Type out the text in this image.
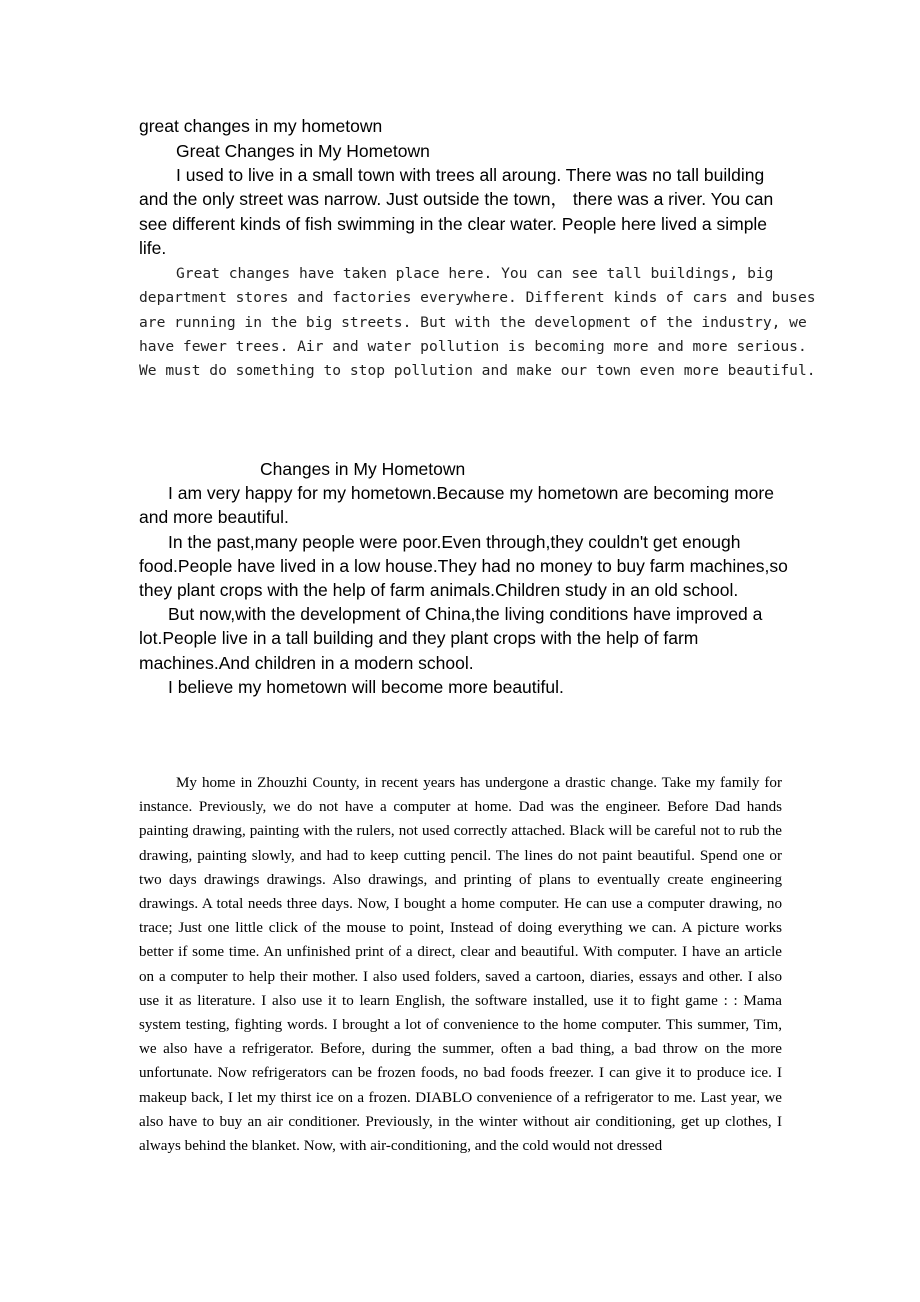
great changes in my hometown
Great Changes in My Hometown

I used to live in a small town with trees all aroung. There was no tall building and the only street was narrow. Just outside the town， there was a river. You can see different kinds of fish swimming in the clear water. People here lived a simple life.

Great changes have taken place here. You can see tall buildings, big department stores and factories everywhere. Different kinds of cars and buses are running in the big streets. But with the development of the industry, we have fewer trees. Air and water pollution is becoming more and more serious. We must do something to stop pollution and make our town even more beautiful.

Changes in My Hometown

I am very happy for my hometown.Because my hometown are becoming more and more beautiful.

In the past,many people were poor.Even through,they couldn't get enough food.People have lived in a low house.They had no money to buy farm machines,so they plant crops with the help of farm animals.Children study in an old school.

But now,with the development of China,the living conditions have improved a lot.People live in a tall building and they plant crops with the help of farm machines.And children in a modern school.

I believe my hometown will become more beautiful.

My home in Zhouzhi County, in recent years has undergone a drastic change. Take my family for instance. Previously, we do not have a computer at home. Dad was the engineer. Before Dad hands painting drawing, painting with the rulers, not used correctly attached. Black will be careful not to rub the drawing, painting slowly, and had to keep cutting pencil. The lines do not paint beautiful. Spend one or two days drawings drawings. Also drawings, and printing of plans to eventually create engineering drawings. A total needs three days. Now, I bought a home computer. He can use a computer drawing, no trace; Just one little click of the mouse to point, Instead of doing everything we can. A picture works better if some time. An unfinished print of a direct, clear and beautiful. With computer. I have an article on a computer to help their mother. I also used folders, saved a cartoon, diaries, essays and other. I also use it as literature. I also use it to learn English, the software installed, use it to fight game : : Mama system testing, fighting words. I brought a lot of convenience to the home computer. This summer, Tim, we also have a refrigerator. Before, during the summer, often a bad thing, a bad throw on the more unfortunate. Now refrigerators can be frozen foods, no bad foods freezer. I can give it to produce ice. I makeup back, I let my thirst ice on a frozen. DIABLO convenience of a refrigerator to me. Last year, we also have to buy an air conditioner. Previously, in the winter without air conditioning, get up clothes, I always behind the blanket. Now, with air-conditioning, and the cold would not dressed
